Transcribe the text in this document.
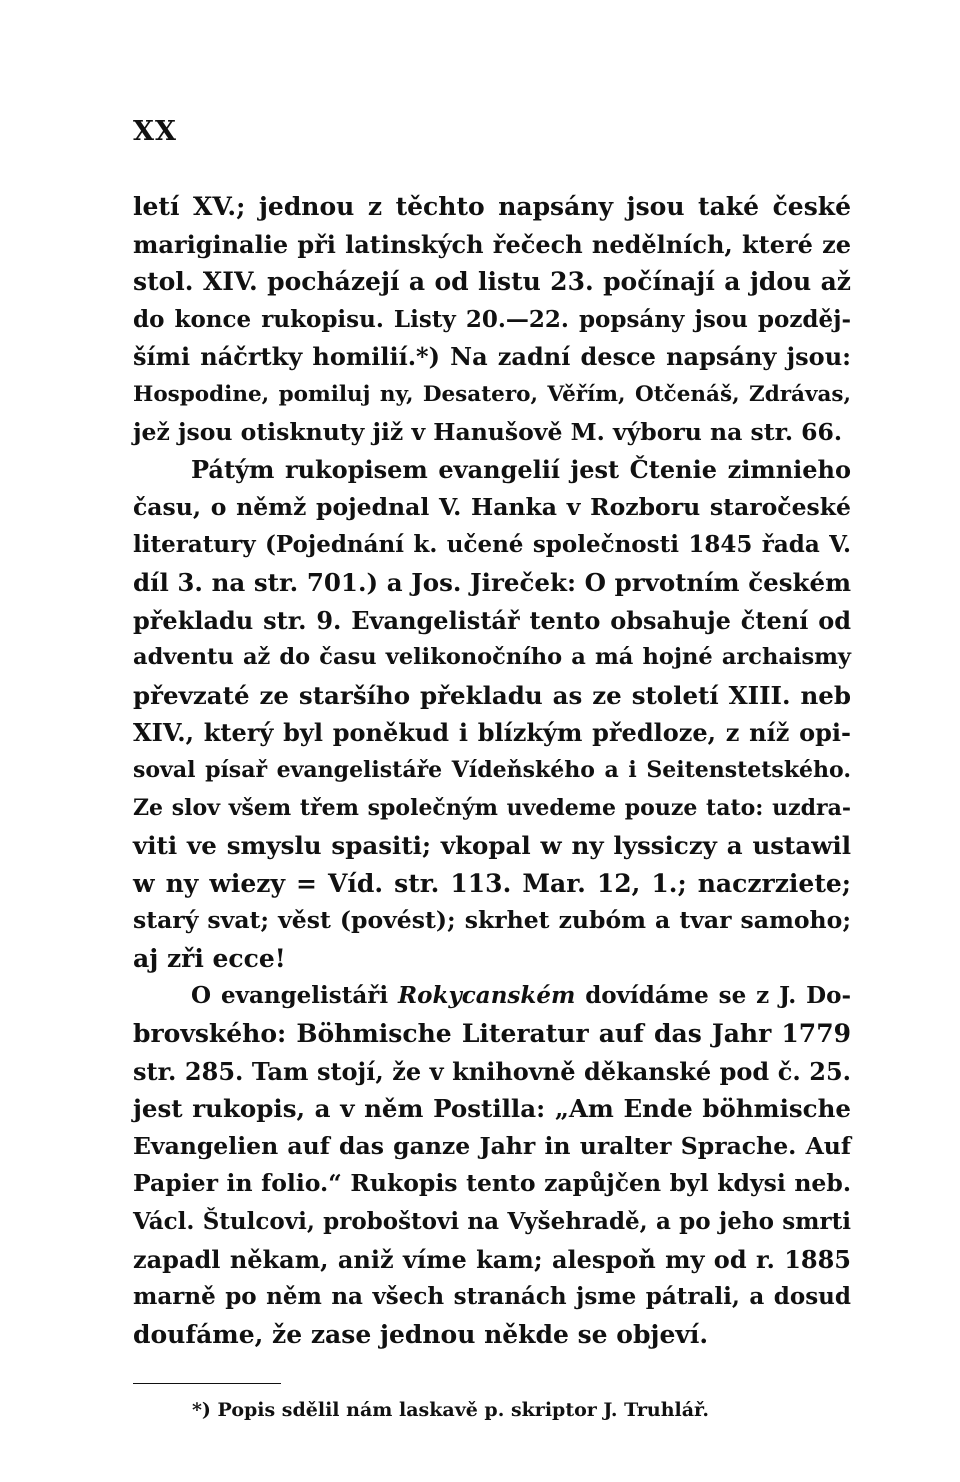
XX
letí XV.; jednou z těchto napsány jsou také české
mariginalie při latinských řečech nedělních, které ze
stol. XIV. pocházejí a od listu 23. počínají a jdou až
do konce rukopisu. Listy 20.—22. popsány jsou pozděj-
šími náčrtky homilií.*) Na zadní desce napsány jsou:
Hospodine, pomiluj ny, Desatero, Věřím, Otčenáš, Zdrávas,
jež jsou otisknuty již v Hanušově M. výboru na str. 66.
Pátým rukopisem evangelií jest Čtenie zimnieho
času, o němž pojednal V. Hanka v Rozboru staročeské
literatury (Pojednání k. učené společnosti 1845 řada V.
díl 3. na str. 701.) a Jos. Jireček: O prvotním českém
překladu str. 9. Evangelistář tento obsahuje čtení od
adventu až do času velikonočního a má hojné archaismy
převzaté ze staršího překladu as ze století XIII. neb
XIV., který byl poněkud i blízkým předloze, z níž opi-
soval písař evangelistáře Vídeňského a i Seitenstetského.
Ze slov všem třem společným uvedeme pouze tato: uzdra-
viti ve smyslu spasiti; vkopal w ny lyssiczy a ustawil
w ny wiezy = Víd. str. 113. Mar. 12, 1.; naczrziete;
starý svat; věst (povést); skrhet zubóm a tvar samoho;
aj zři ecce!
O evangelistáři Rokycanském dovídáme se z J. Do-
brovského: Böhmische Literatur auf das Jahr 1779
str. 285. Tam stojí, že v knihovně děkanské pod č. 25.
jest rukopis, a v něm Postilla: „Am Ende böhmische
Evangelien auf das ganze Jahr in uralter Sprache. Auf
Papier in folio.“ Rukopis tento zapůjčen byl kdysi neb.
Václ. Štulcovi, proboštovi na Vyšehradě, a po jeho smrti
zapadl někam, aniž víme kam; alespoň my od r. 1885
marně po něm na všech stranách jsme pátrali, a dosud
doufáme, že zase jednou někde se objeví.
*) Popis sdělil nám laskavě p. skriptor J. Truhlář.
